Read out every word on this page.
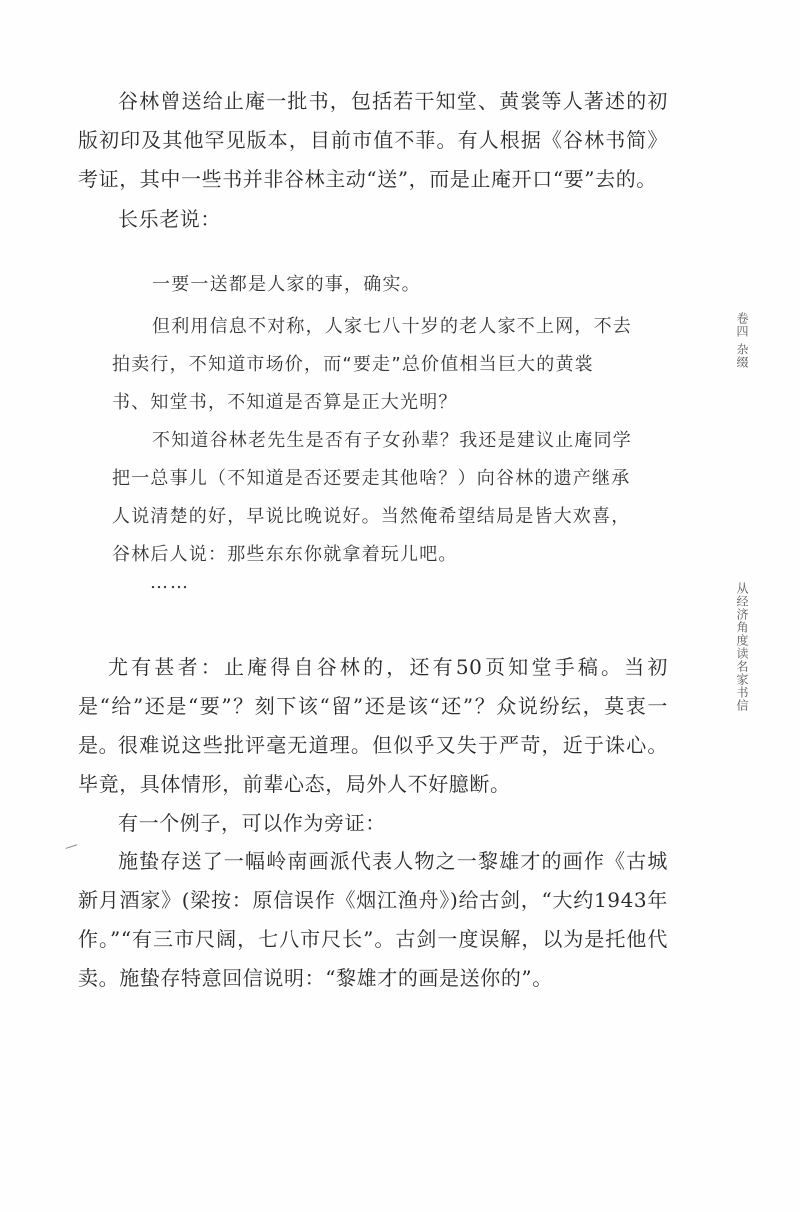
谷林曾送给止庵一批书，包括若干知堂、黄裳等人著述的初版初印及其他罕见版本，目前市值不菲。有人根据《谷林书简》考证，其中一些书并非谷林主动“送”，而是止庵开口“要”去的。

长乐老说：

一要一送都是人家的事，确实。

但利用信息不对称，人家七八十岁的老人家不上网，不去拍卖行，不知道市场价，而“要走”总价值相当巨大的黄裳书、知堂书，不知道是否算是正大光明？

不知道谷林老先生是否有子女孙辈？我还是建议止庵同学把一总事儿（不知道是否还要走其他啥？）向谷林的遗产继承人说清楚的好，早说比晚说好。当然俺希望结局是皆大欢喜，谷林后人说：那些东东你就拿着玩儿吧。

……

尤有甚者：止庵得自谷林的，还有50页知堂手稿。当初是“给”还是“要”？刻下该“留”还是该“还”？众说纷纭，莫衷一是。

很难说这些批评毫无道理。但似乎又失于严苛，近于诛心。毕竟，具体情形，前辈心态，局外人不好臆断。

有一个例子，可以作为旁证：

施蛰存送了一幅岭南画派代表人物之一黎雄才的画作《古城新月酒家》(梁按：原信误作《烟江渔舟》)给古剑，“大约1943年作。”“有三市尺阔，七八市尺长”。古剑一度误解，以为是托他代卖。施蛰存特意回信说明：“黎雄才的画是送你的”。

卷四 杂缀
从经济角度读名家书信
